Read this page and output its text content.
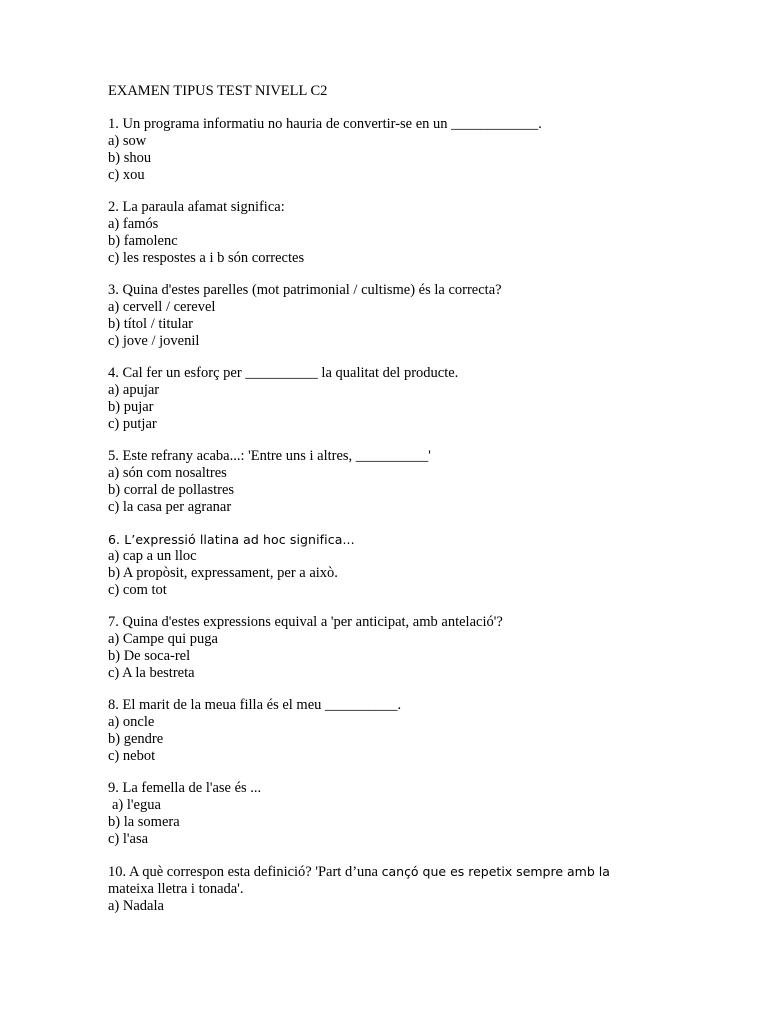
EXAMEN TIPUS TEST NIVELL C2
1. Un programa informatiu no hauria de convertir-se en un ____________.
a) sow
b) shou
c) xou
2. La paraula afamat significa:
a) famós
b) famolenc
c) les respostes a i b són correctes
3. Quina d'estes parelles (mot patrimonial / cultisme) és la correcta?
a) cervell / cerevel
b) títol / titular
c) jove / jovenil
4. Cal fer un esforç per __________ la qualitat del producte.
a) apujar
b) pujar
c) putjar
5. Este refrany acaba...: 'Entre uns i altres, __________'
a) són com nosaltres
b) corral de pollastres
c) la casa per agranar
6. L’expressió llatina ad hoc significa...
a) cap a un lloc
b) A propòsit, expressament, per a això.
c) com tot
7. Quina d'estes expressions equival a 'per anticipat, amb antelació'?
a) Campe qui puga
b) De soca-rel
c) A la bestreta
8. El marit de la meua filla és el meu __________.
a) oncle
b) gendre
c) nebot
9. La femella de l'ase és ...
a) l'egua
b) la somera
c) l'asa
10. A què correspon esta definició? 'Part d’una cançó que es repetix sempre amb la
mateixa lletra i tonada'.
a) Nadala
